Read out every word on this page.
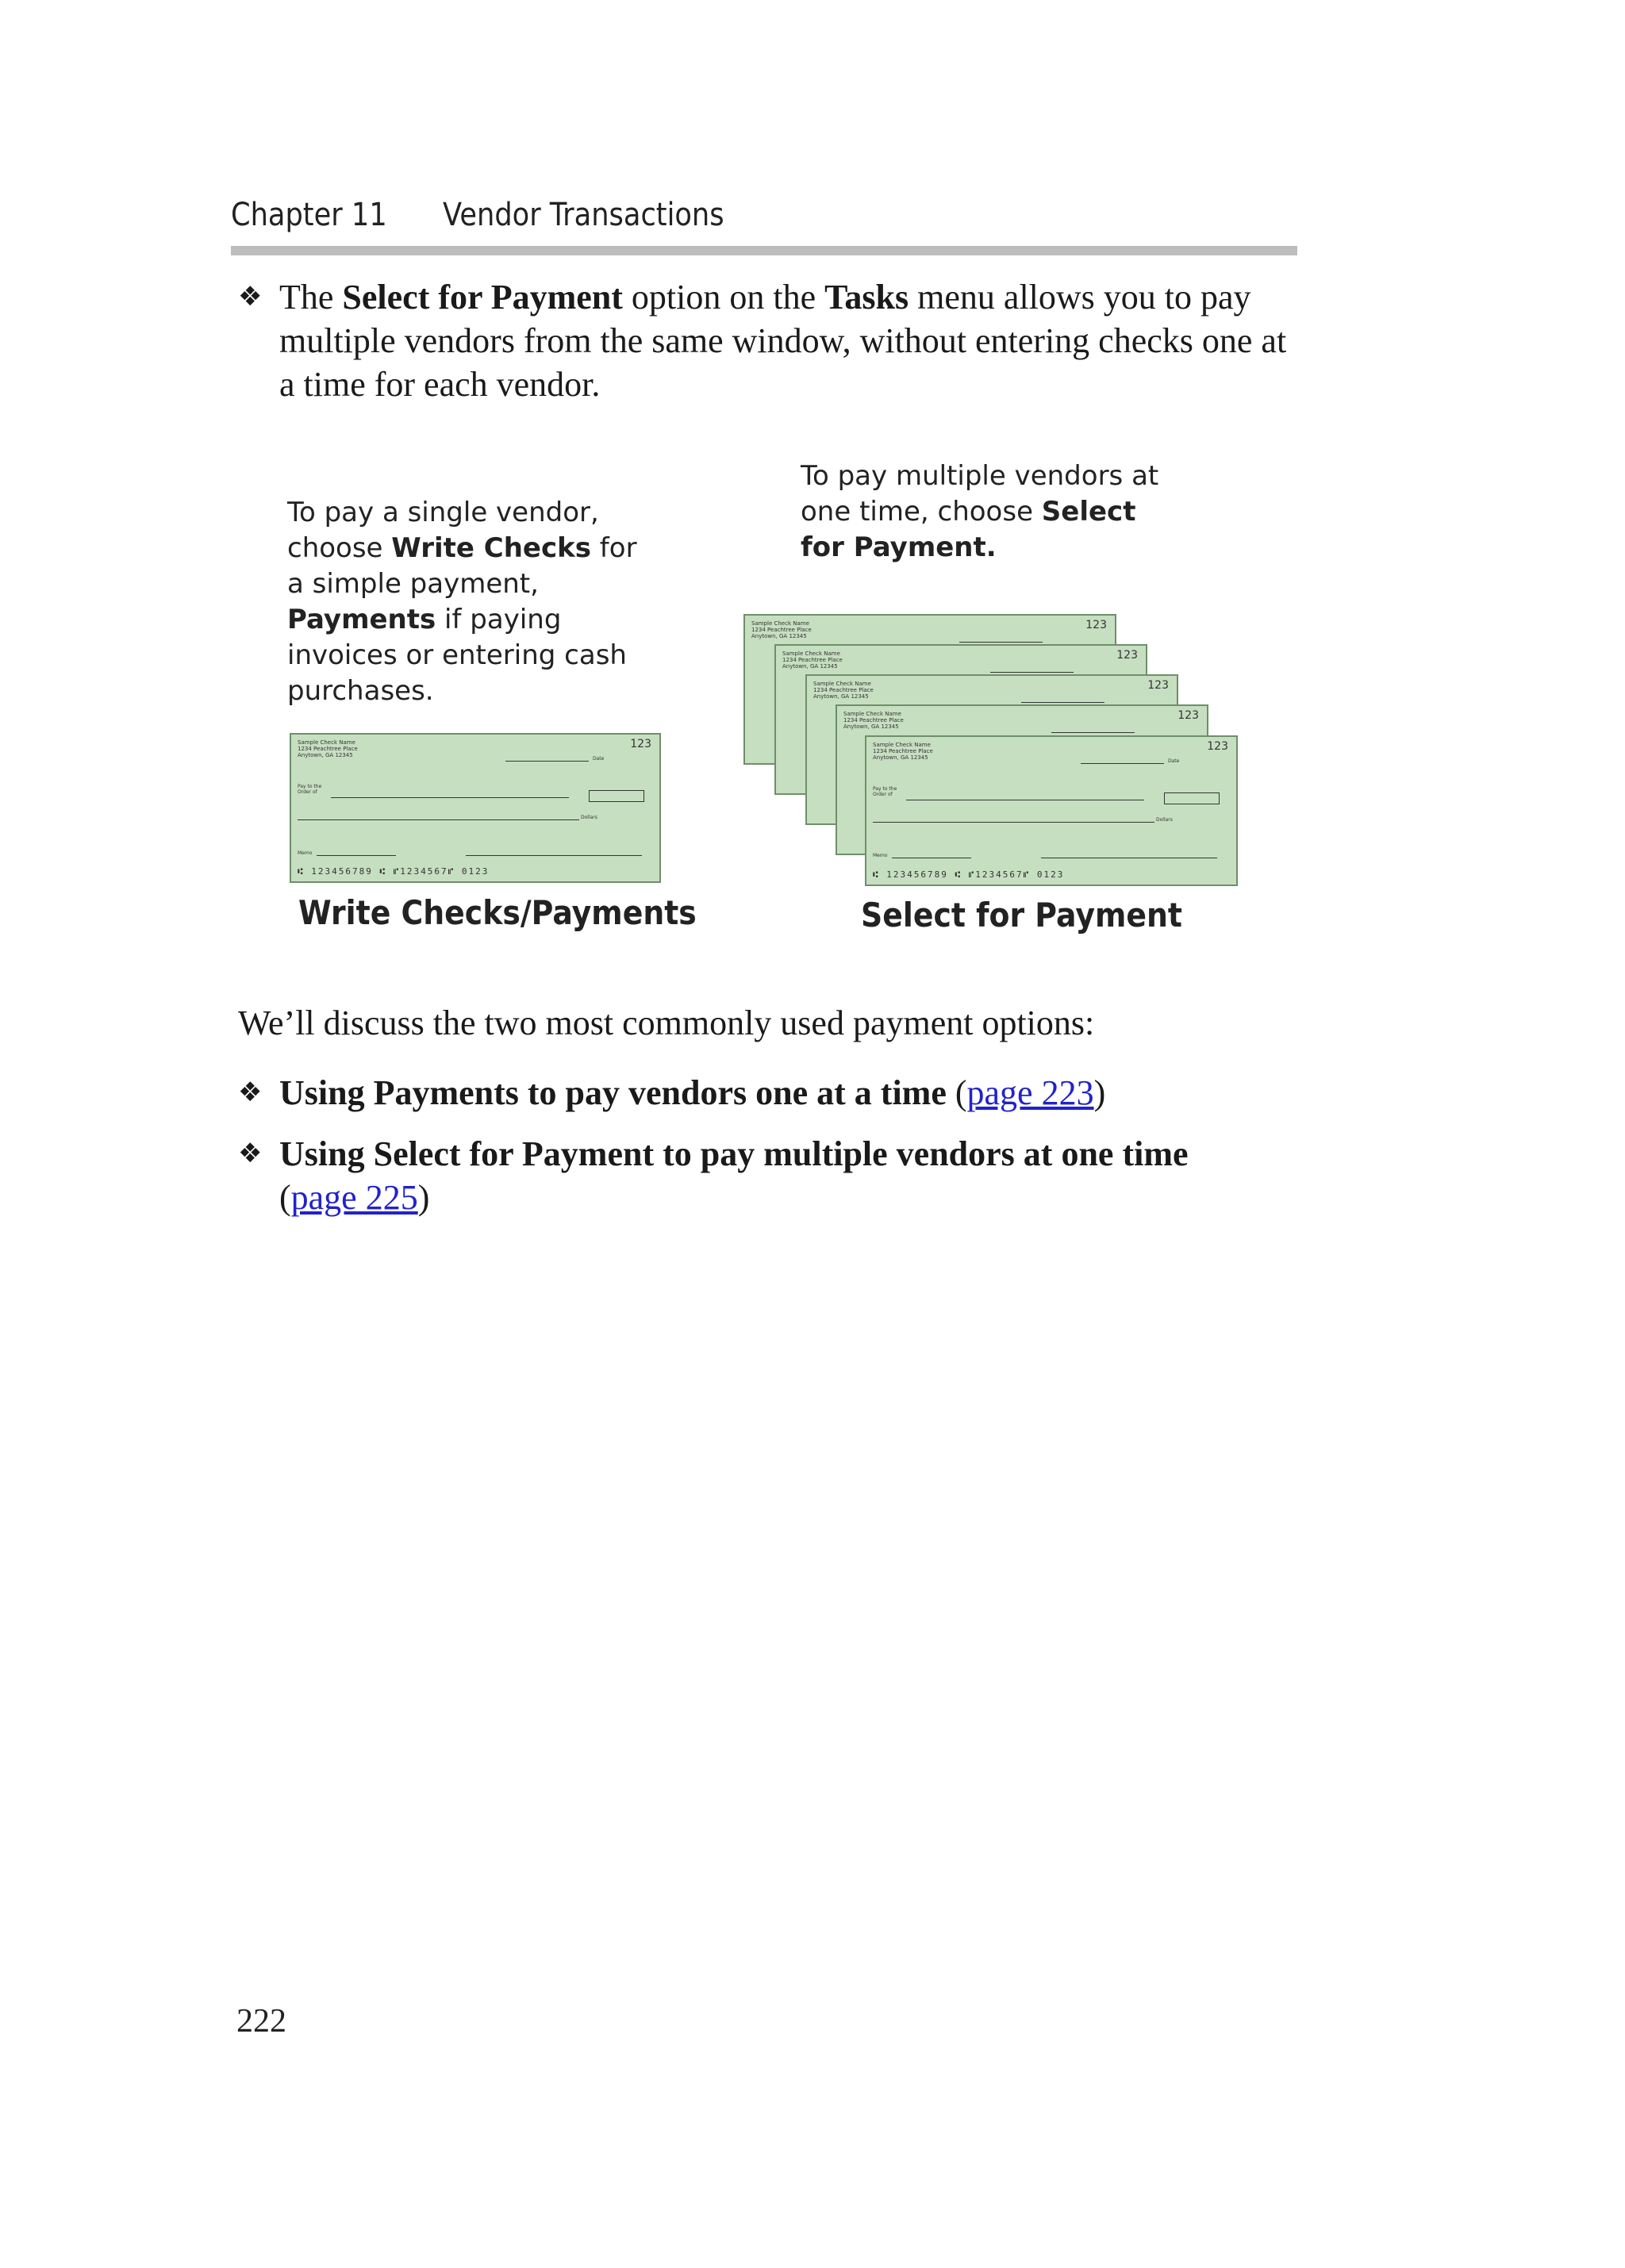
Chapter 11 Vendor Transactions
❖ The Select for Payment option on the Tasks menu allows you to pay multiple vendors from the same window, without entering checks one at a time for each vendor.
To pay a single vendor, choose Write Checks for a simple payment, Payments if paying invoices or entering cash purchases.
To pay multiple vendors at one time, choose Select for Payment.
Sample Check Name
1234 Peachtree Place
Anytown, GA 12345
123
Date
Pay to the
Order of
Dollars
Memo
⑆ 123456789 ⑆ ⑈1234567⑈ 0123
Sample Check Name
1234 Peachtree Place
Anytown, GA 12345
123
Sample Check Name
1234 Peachtree Place
Anytown, GA 12345
123
Sample Check Name
1234 Peachtree Place
Anytown, GA 12345
123
Sample Check Name
1234 Peachtree Place
Anytown, GA 12345
123
Sample Check Name
1234 Peachtree Place
Anytown, GA 12345
123
Date
Pay to the
Order of
Dollars
Memo
⑆ 123456789 ⑆ ⑈1234567⑈ 0123
Write Checks/Payments	Select for Payment
We’ll discuss the two most commonly used payment options:
❖ Using Payments to pay vendors one at a time (page 223)
❖ Using Select for Payment to pay multiple vendors at one time
(page 225)
222
